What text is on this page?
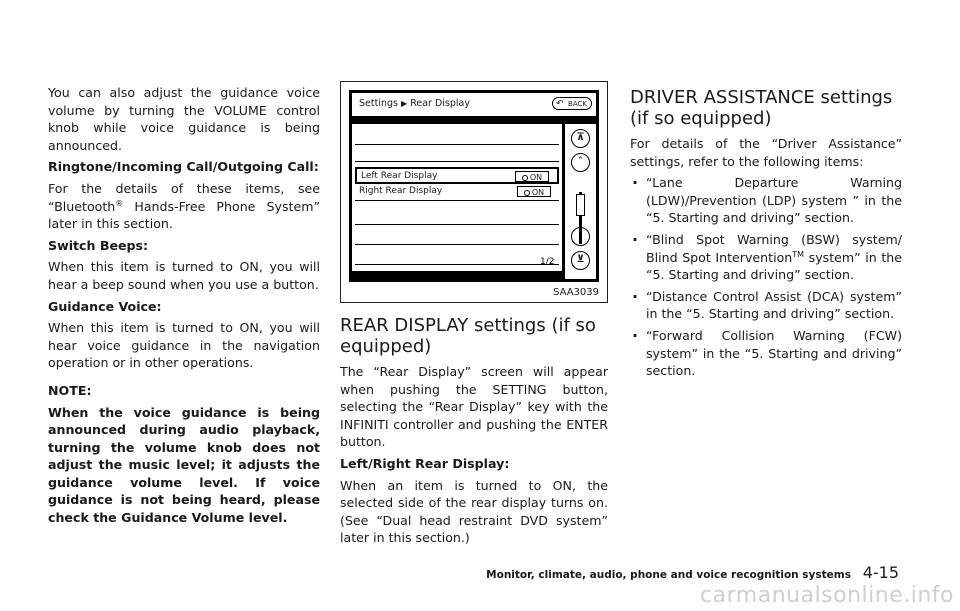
You can also adjust the guidance voice volume by turning the VOLUME control knob while voice guidance is being announced.

Ringtone/Incoming Call/Outgoing Call:

For the details of these items, see “Bluetooth® Hands-Free Phone System” later in this section.

Switch Beeps:

When this item is turned to ON, you will hear a beep sound when you use a button.

Guidance Voice:

When this item is turned to ON, you will hear voice guidance in the navigation operation or in other operations.

NOTE:

When the voice guidance is being announced during audio playback, turning the volume knob does not adjust the music level; it adjusts the guidance volume level. If voice guidance is not being heard, please check the Guidance Volume level.

Settings ▶ Rear Display	↶ BACK
Left Rear Display	ON
Right Rear Display	ON
1/2
⊼
˄
˅
⊻
SAA3039
REAR DISPLAY settings (if so equipped)

The “Rear Display” screen will appear when pushing the SETTING button, selecting the “Rear Display” key with the INFINITI controller and pushing the ENTER button.

Left/Right Rear Display:

When an item is turned to ON, the selected side of the rear display turns on. (See “Dual head restraint DVD system” later in this section.)

DRIVER ASSISTANCE settings (if so equipped)

For details of the “Driver Assistance” settings, refer to the following items:

. “Lane Departure Warning (LDW)/Prevention (LDP) system ” in the “5. Starting and driving” section.
. “Blind Spot Warning (BSW) system/ Blind Spot Intervention™ system” in the “5. Starting and driving” section.
. “Distance Control Assist (DCA) system” in the “5. Starting and driving” section.
. “Forward Collision Warning (FCW) system” in the “5. Starting and driving” section.
Monitor, climate, audio, phone and voice recognition systems 4-15
carmanualsonline.info
